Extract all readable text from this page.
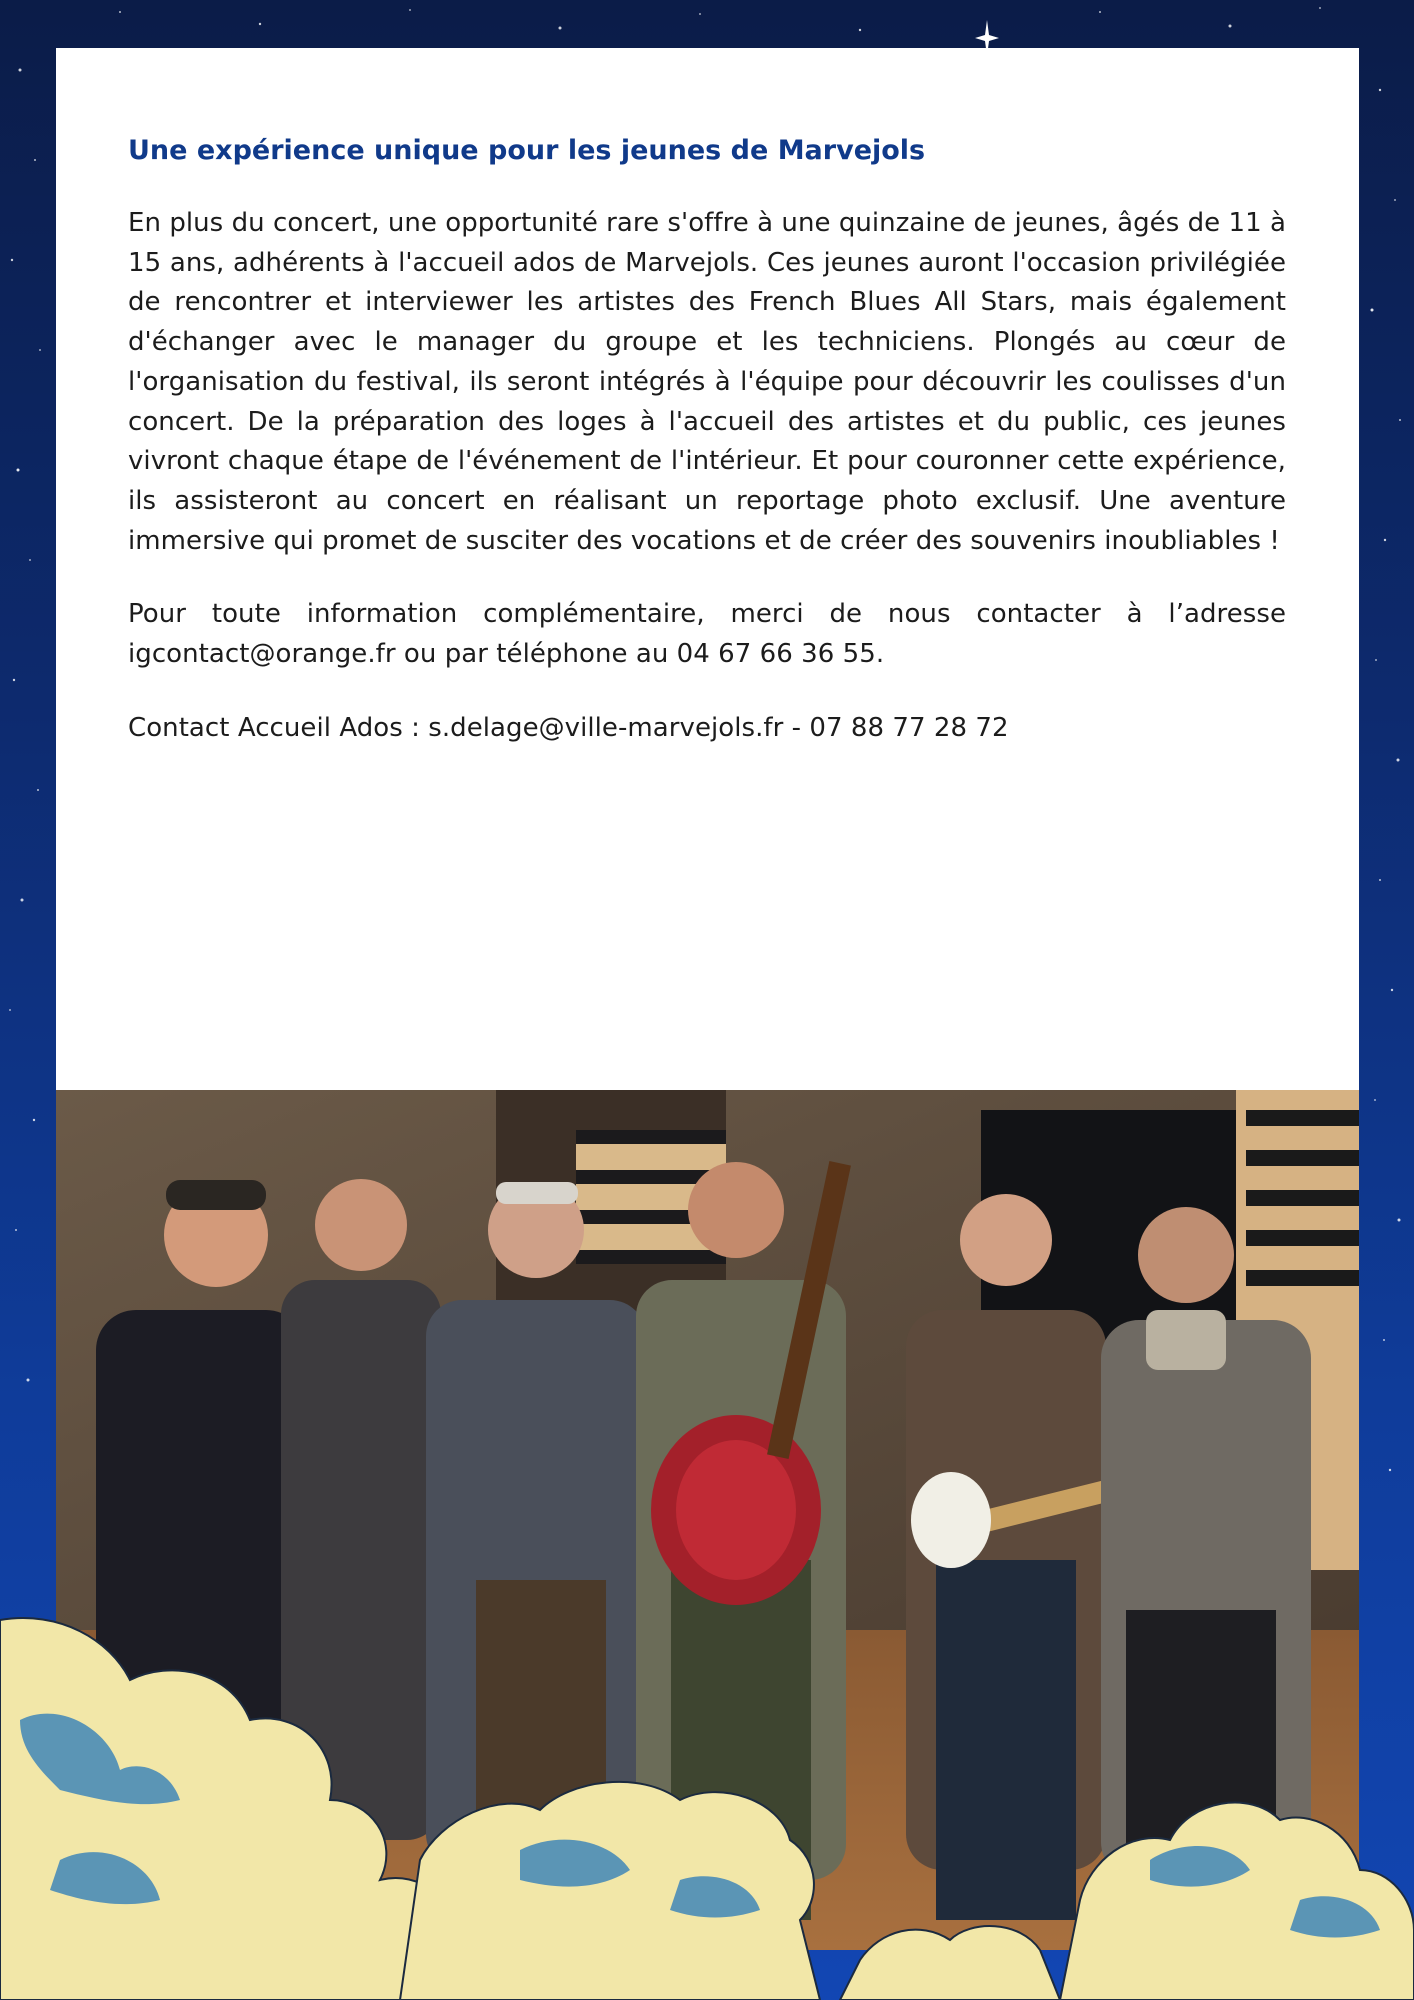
Une expérience unique pour les jeunes de Marvejols

En plus du concert, une opportunité rare s'offre à une quinzaine de jeunes, âgés de 11 à 15 ans, adhérents à l'accueil ados de Marvejols. Ces jeunes auront l'occasion privilégiée de rencontrer et interviewer les artistes des French Blues All Stars, mais également d'échanger avec le manager du groupe et les techniciens. Plongés au cœur de l'organisation du festival, ils seront intégrés à l'équipe pour découvrir les coulisses d'un concert. De la préparation des loges à l'accueil des artistes et du public, ces jeunes vivront chaque étape de l'événement de l'intérieur. Et pour couronner cette expérience, ils assisteront au concert en réalisant un reportage photo exclusif. Une aventure immersive qui promet de susciter des vocations et de créer des souvenirs inoubliables !

Pour toute information complémentaire, merci de nous contacter à l’adresse igcontact@orange.fr ou par téléphone au 04 67 66 36 55.

Contact Accueil Ados : s.delage@ville-marvejols.fr - 07 88 77 28 72
